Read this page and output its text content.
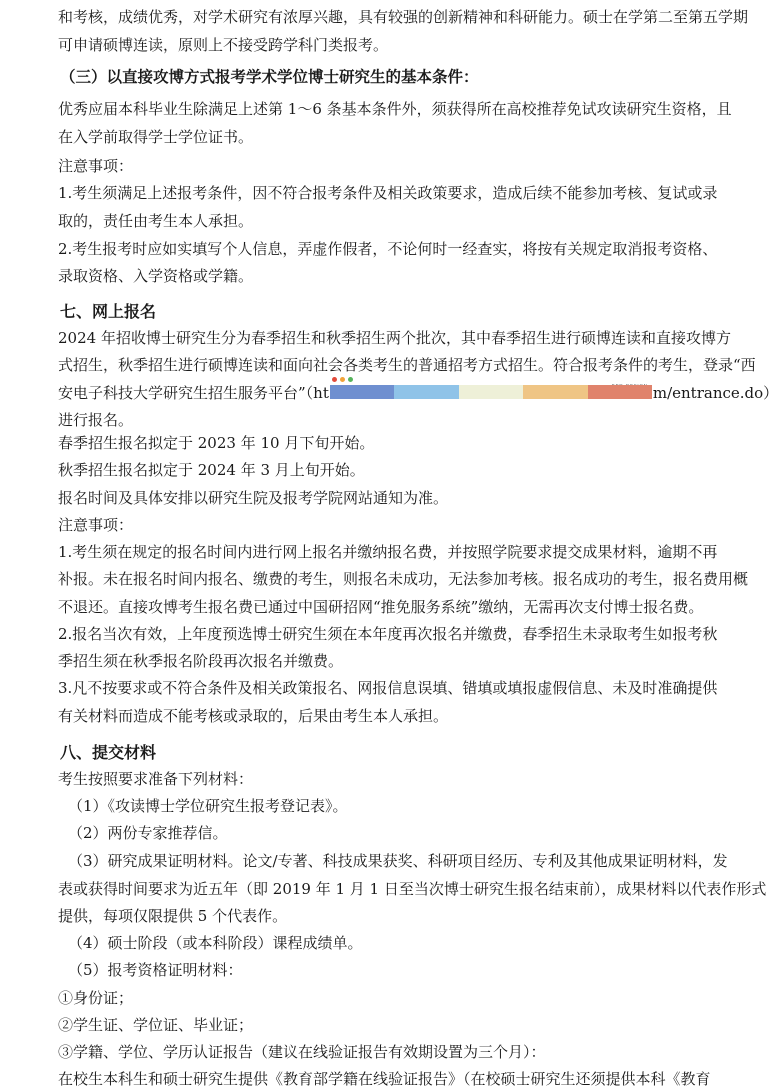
和考核，成绩优秀，对学术研究有浓厚兴趣，具有较强的创新精神和科研能力。硕士在学第二至第五学期
可申请硕博连读，原则上不接受跨学科门类报考。
（三）以直接攻博方式报考学术学位博士研究生的基本条件：
优秀应届本科毕业生除满足上述第 1～6 条基本条件外，须获得所在高校推荐免试攻读研究生资格，且
在入学前取得学士学位证书。
注意事项：
1.考生须满足上述报考条件，因不符合报考条件及相关政策要求，造成后续不能参加考核、复试或录
取的，责任由考生本人承担。
2.考生报考时应如实填写个人信息，弄虚作假者，不论何时一经查实，将按有关规定取消报考资格、
录取资格、入学资格或学籍。
七、网上报名
2024 年招收博士研究生分为春季招生和秋季招生两个批次，其中春季招生进行硕博连读和直接攻博方
式招生，秋季招生进行硕博连读和面向社会各类考生的普通招考方式招生。符合报考条件的考生，登录“西
安电子科技大学研究生招生服务平台”（ht	m/entrance.do）
进行报名。
春季招生报名拟定于 2023 年 10 月下旬开始。
秋季招生报名拟定于 2024 年 3 月上旬开始。
报名时间及具体安排以研究生院及报考学院网站通知为准。
注意事项：
1.考生须在规定的报名时间内进行网上报名并缴纳报名费，并按照学院要求提交成果材料，逾期不再
补报。未在报名时间内报名、缴费的考生，则报名未成功，无法参加考核。报名成功的考生，报名费用概
不退还。直接攻博考生报名费已通过中国研招网“推免服务系统”缴纳，无需再次支付博士报名费。
2.报名当次有效，上年度预选博士研究生须在本年度再次报名并缴费，春季招生未录取考生如报考秋
季招生须在秋季报名阶段再次报名并缴费。
3.凡不按要求或不符合条件及相关政策报名、网报信息误填、错填或填报虚假信息、未及时准确提供
有关材料而造成不能考核或录取的，后果由考生本人承担。
八、提交材料
考生按照要求准备下列材料：
（1）《攻读博士学位研究生报考登记表》。
（2）两份专家推荐信。
（3）研究成果证明材料。论文/专著、科技成果获奖、科研项目经历、专利及其他成果证明材料，发
表或获得时间要求为近五年（即 2019 年 1 月 1 日至当次博士研究生报名结束前），成果材料以代表作形式
提供，每项仅限提供 5 个代表作。
（4）硕士阶段（或本科阶段）课程成绩单。
（5）报考资格证明材料：
①身份证；
②学生证、学位证、毕业证；
③学籍、学位、学历认证报告（建议在线验证报告有效期设置为三个月）：
在校生本科生和硕士研究生提供《教育部学籍在线验证报告》（在校硕士研究生还须提供本科《教育
